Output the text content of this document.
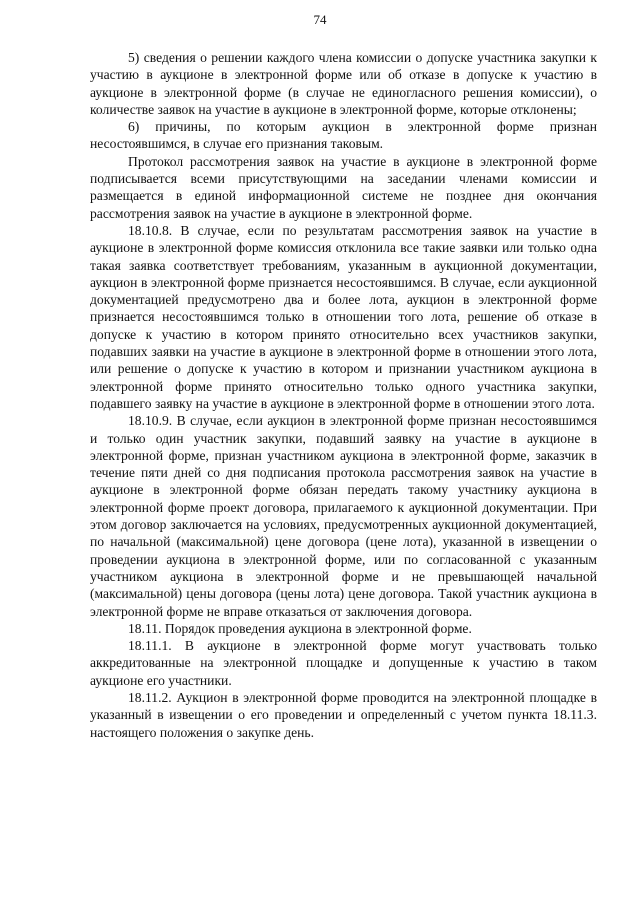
74

5) сведения о решении каждого члена комиссии о допуске участника закупки к участию в аукционе в электронной форме или об отказе в допуске к участию в аукционе в электронной форме (в случае не единогласного решения комиссии), о количестве заявок на участие в аукционе в электронной форме, которые отклонены;

6) причины, по которым аукцион в электронной форме признан несостоявшимся, в случае его признания таковым.

Протокол рассмотрения заявок на участие в аукционе в электронной форме подписывается всеми присутствующими на заседании членами комиссии и размещается в единой информационной системе не позднее дня окончания рассмотрения заявок на участие в аукционе в электронной форме.

18.10.8. В случае, если по результатам рассмотрения заявок на участие в аукционе в электронной форме комиссия отклонила все такие заявки или только одна такая заявка соответствует требованиям, указанным в аукционной документации, аукцион в электронной форме признается несостоявшимся. В случае, если аукционной документацией предусмотрено два и более лота, аукцион в электронной форме признается несостоявшимся только в отношении того лота, решение об отказе в допуске к участию в котором принято относительно всех участников закупки, подавших заявки на участие в аукционе в электронной форме в отношении этого лота, или решение о допуске к участию в котором и признании участником аукциона в электронной форме принято относительно только одного участника закупки, подавшего заявку на участие в аукционе в электронной форме в отношении этого лота.

18.10.9. В случае, если аукцион в электронной форме признан несостоявшимся и только один участник закупки, подавший заявку на участие в аукционе в электронной форме, признан участником аукциона в электронной форме, заказчик в течение пяти дней со дня подписания протокола рассмотрения заявок на участие в аукционе в электронной форме обязан передать такому участнику аукциона в электронной форме проект договора, прилагаемого к аукционной документации. При этом договор заключается на условиях, предусмотренных аукционной документацией, по начальной (максимальной) цене договора (цене лота), указанной в извещении о проведении аукциона в электронной форме, или по согласованной с указанным участником аукциона в электронной форме и не превышающей начальной (максимальной) цены договора (цены лота) цене договора. Такой участник аукциона в электронной форме не вправе отказаться от заключения договора.

18.11. Порядок проведения аукциона в электронной форме.

18.11.1. В аукционе в электронной форме могут участвовать только аккредитованные на электронной площадке и допущенные к участию в таком аукционе его участники.

18.11.2. Аукцион в электронной форме проводится на электронной площадке в указанный в извещении о его проведении и определенный с учетом пункта 18.11.3. настоящего положения о закупке день.
